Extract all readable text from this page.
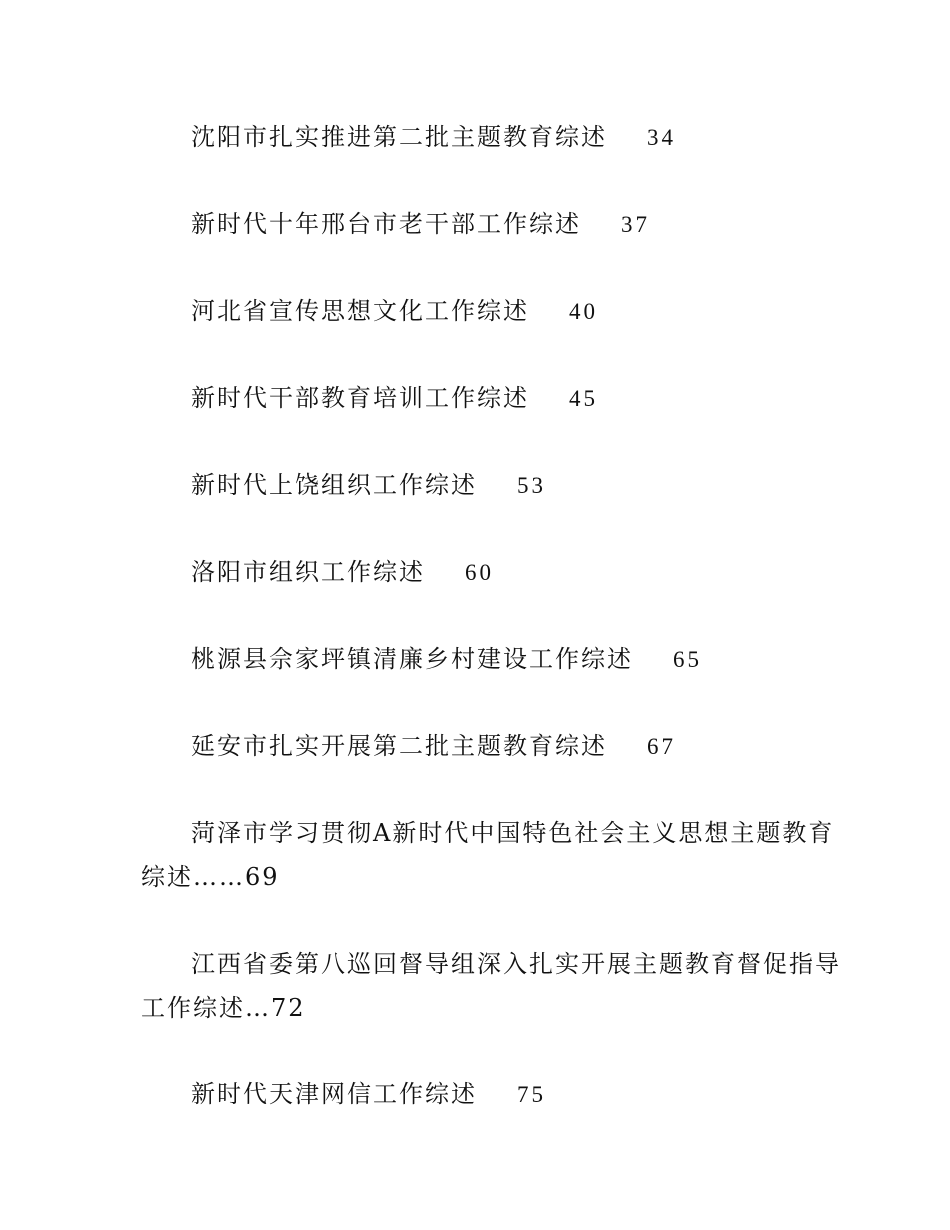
沈阳市扎实推进第二批主题教育综述 34
新时代十年邢台市老干部工作综述 37
河北省宣传思想文化工作综述 40
新时代干部教育培训工作综述 45
新时代上饶组织工作综述 53
洛阳市组织工作综述 60
桃源县佘家坪镇清廉乡村建设工作综述 65
延安市扎实开展第二批主题教育综述 67
菏泽市学习贯彻A新时代中国特色社会主义思想主题教育
综述……69
江西省委第八巡回督导组深入扎实开展主题教育督促指导
工作综述…72
新时代天津网信工作综述 75
